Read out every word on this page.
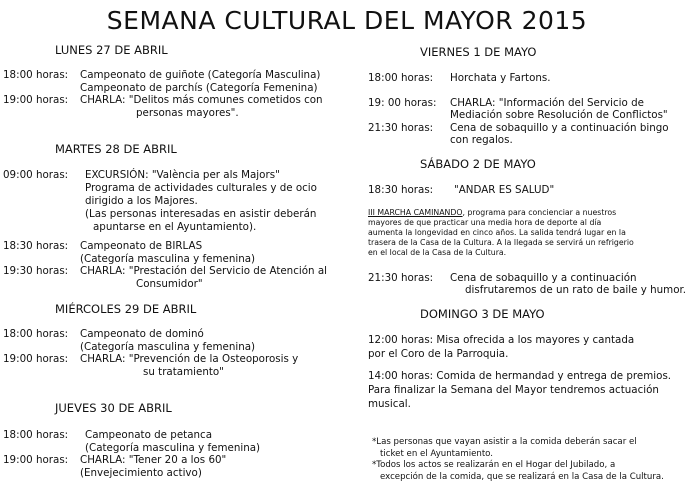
SEMANA CULTURAL DEL MAYOR 2015
LUNES 27 DE ABRIL
18:00 horas: Campeonato de guiñote (Categoría Masculina)
Campeonato de parchís (Categoría Femenina)
19:00 horas: CHARLA: "Delitos más comunes cometidos con
personas mayores".
MARTES 28 DE ABRIL
09:00 horas: EXCURSIÓN: "València per als Majors"
Programa de actividades culturales y de ocio
dirigido a los Majores.
(Las personas interesadas en asistir deberán
apuntarse en el Ayuntamiento).
18:30 horas: Campeonato de BIRLAS
(Categoría masculina y femenina)
19:30 horas: CHARLA: "Prestación del Servicio de Atención al
Consumidor"
MIÉRCOLES 29 DE ABRIL
18:00 horas: Campeonato de dominó
(Categoría masculina y femenina)
19:00 horas: CHARLA: "Prevención de la Osteoporosis y
su tratamiento"
JUEVES 30 DE ABRIL
18:00 horas: Campeonato de petanca
(Categoría masculina y femenina)
19:00 horas: CHARLA: "Tener 20 a los 60"
(Envejecimiento activo)
VIERNES 1 DE MAYO
18:00 horas: Horchata y Fartons.
19: 00 horas: CHARLA: "Información del Servicio de
Mediación sobre Resolución de Conflictos"
21:30 horas: Cena de sobaquillo y a continuación bingo
con regalos.
SÁBADO 2 DE MAYO
18:30 horas: "ANDAR ES SALUD"
III MARCHA CAMINANDO, programa para concienciar a nuestros
mayores de que practicar una media hora de deporte al día
aumenta la longevidad en cinco años. La salida tendrá lugar en la
trasera de la Casa de la Cultura. A la llegada se servirá un refrigerio
en el local de la Casa de la Cultura.
21:30 horas: Cena de sobaquillo y a continuación
disfrutaremos de un rato de baile y humor.
DOMINGO 3 DE MAYO
12:00 horas: Misa ofrecida a los mayores y cantada
por el Coro de la Parroquia.
14:00 horas: Comida de hermandad y entrega de premios.
Para finalizar la Semana del Mayor tendremos actuación
musical.
*Las personas que vayan asistir a la comida deberán sacar el
ticket en el Ayuntamiento.
*Todos los actos se realizarán en el Hogar del Jubilado, a
excepción de la comida, que se realizará en la Casa de la Cultura.
